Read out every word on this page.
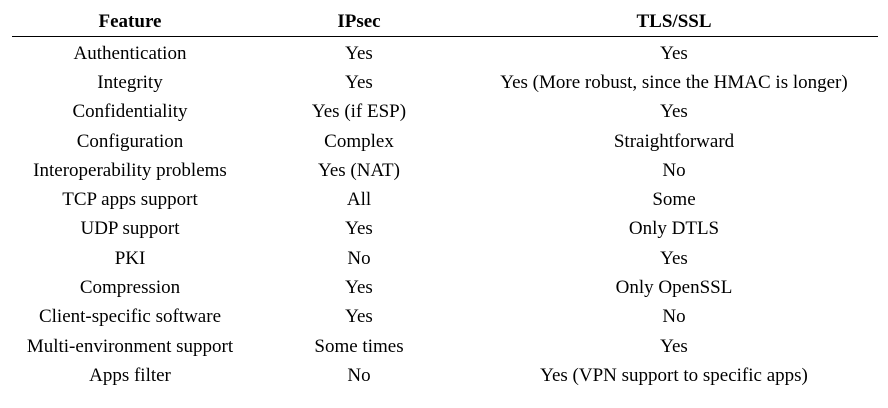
Feature	IPsec	TLS/SSL
Authentication	Yes	Yes
Integrity	Yes	Yes (More robust, since the HMAC is longer)
Confidentiality	Yes (if ESP)	Yes
Configuration	Complex	Straightforward
Interoperability problems	Yes (NAT)	No
TCP apps support	All	Some
UDP support	Yes	Only DTLS
PKI	No	Yes
Compression	Yes	Only OpenSSL
Client-specific software	Yes	No
Multi-environment support	Some times	Yes
Apps filter	No	Yes (VPN support to specific apps)
